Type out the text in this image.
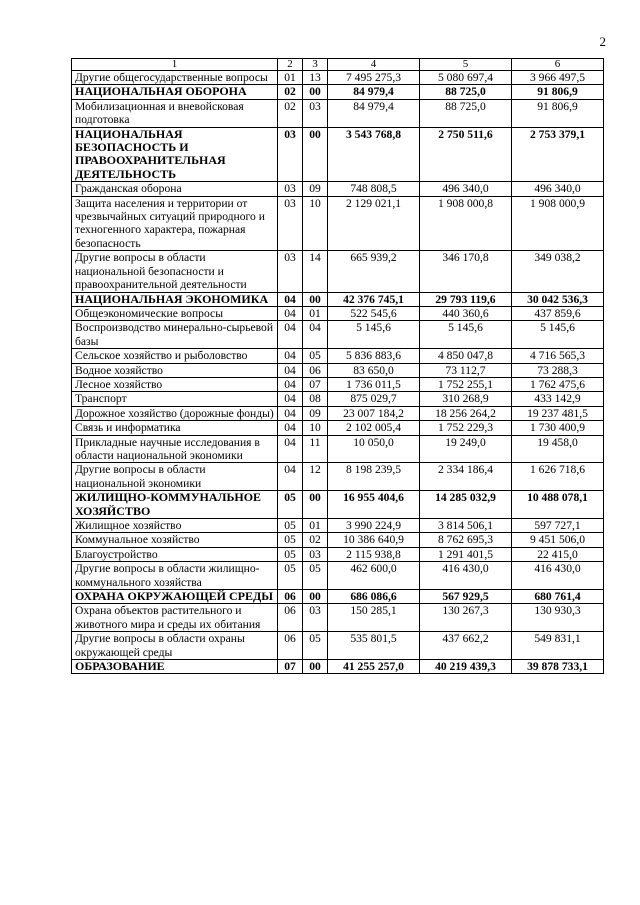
2
1	2	3	4	5	6
Другие общегосударственные вопросы	01	13	7 495 275,3	5 080 697,4	3 966 497,5
НАЦИОНАЛЬНАЯ ОБОРОНА	02	00	84 979,4	88 725,0	91 806,9
Мобилизационная и вневойсковая подготовка	02	03	84 979,4	88 725,0	91 806,9
НАЦИОНАЛЬНАЯ БЕЗОПАСНОСТЬ И ПРАВООХРАНИТЕЛЬНАЯ ДЕЯТЕЛЬНОСТЬ	03	00	3 543 768,8	2 750 511,6	2 753 379,1
Гражданская оборона	03	09	748 808,5	496 340,0	496 340,0
Защита населения и территории от чрезвычайных ситуаций природного и техногенного характера, пожарная безопасность	03	10	2 129 021,1	1 908 000,8	1 908 000,9
Другие вопросы в области национальной безопасности и правоохранительной деятельности	03	14	665 939,2	346 170,8	349 038,2
НАЦИОНАЛЬНАЯ ЭКОНОМИКА	04	00	42 376 745,1	29 793 119,6	30 042 536,3
Общеэкономические вопросы	04	01	522 545,6	440 360,6	437 859,6
Воспроизводство минерально-сырьевой базы	04	04	5 145,6	5 145,6	5 145,6
Сельское хозяйство и рыболовство	04	05	5 836 883,6	4 850 047,8	4 716 565,3
Водное хозяйство	04	06	83 650,0	73 112,7	73 288,3
Лесное хозяйство	04	07	1 736 011,5	1 752 255,1	1 762 475,6
Транспорт	04	08	875 029,7	310 268,9	433 142,9
Дорожное хозяйство (дорожные фонды)	04	09	23 007 184,2	18 256 264,2	19 237 481,5
Связь и информатика	04	10	2 102 005,4	1 752 229,3	1 730 400,9
Прикладные научные исследования в области национальной экономики	04	11	10 050,0	19 249,0	19 458,0
Другие вопросы в области национальной экономики	04	12	8 198 239,5	2 334 186,4	1 626 718,6
ЖИЛИЩНО-КОММУНАЛЬНОЕ ХОЗЯЙСТВО	05	00	16 955 404,6	14 285 032,9	10 488 078,1
Жилищное хозяйство	05	01	3 990 224,9	3 814 506,1	597 727,1
Коммунальное хозяйство	05	02	10 386 640,9	8 762 695,3	9 451 506,0
Благоустройство	05	03	2 115 938,8	1 291 401,5	22 415,0
Другие вопросы в области жилищно-коммунального хозяйства	05	05	462 600,0	416 430,0	416 430,0
ОХРАНА ОКРУЖАЮЩЕЙ СРЕДЫ	06	00	686 086,6	567 929,5	680 761,4
Охрана объектов растительного и животного мира и среды их обитания	06	03	150 285,1	130 267,3	130 930,3
Другие вопросы в области охраны окружающей среды	06	05	535 801,5	437 662,2	549 831,1
ОБРАЗОВАНИЕ	07	00	41 255 257,0	40 219 439,3	39 878 733,1
